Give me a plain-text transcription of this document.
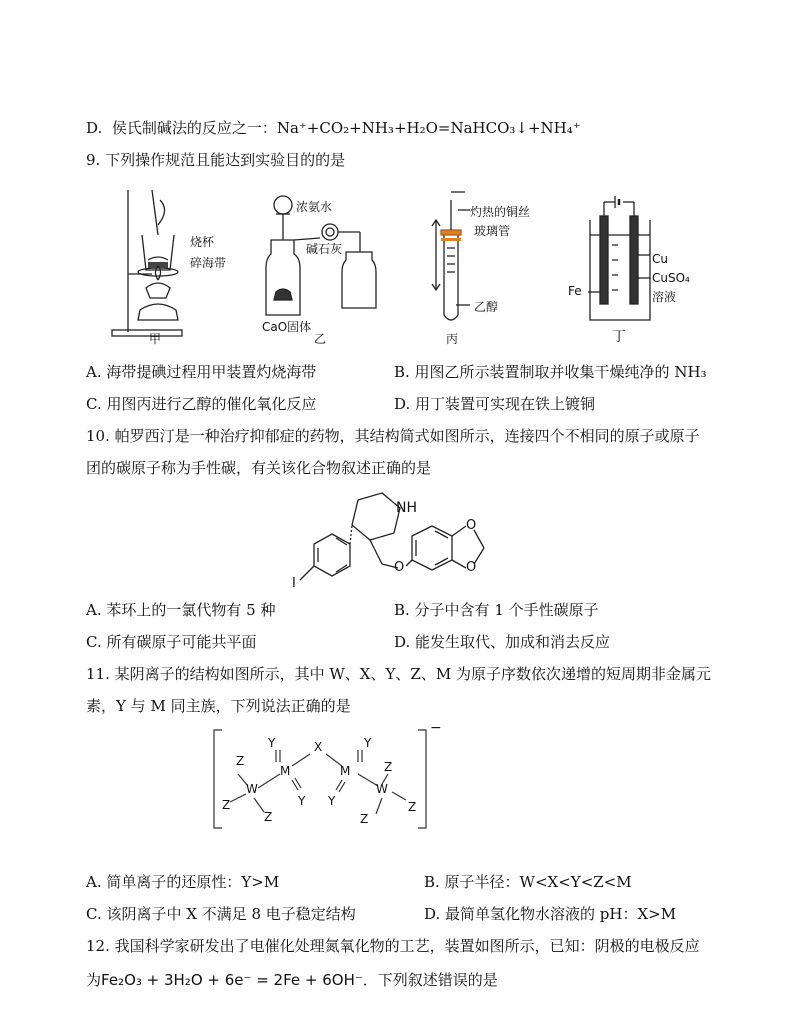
D. 侯氏制碱法的反应之一：Na⁺+CO₂+NH₃+H₂O=NaHCO₃↓+NH₄⁺
9. 下列操作规范且能达到实验目的的是
烧杯
碎海带
甲
浓氨水
碱石灰
CaO固体
乙
灼热的铜丝
玻璃管
乙醇
丙
Cu
CuSO₄
溶液
Fe
丁
A. 海带提碘过程用甲装置灼烧海带	B. 用图乙所示装置制取并收集干燥纯净的 NH₃
C. 用图丙进行乙醇的催化氧化反应	D. 用丁装置可实现在铁上镀铜
10. 帕罗西汀是一种治疗抑郁症的药物，其结构简式如图所示，连接四个不相同的原子或原子
团的碳原子称为手性碳，有关该化合物叙述正确的是
NH
O
O
O
I
A. 苯环上的一氯代物有 5 种	B. 分子中含有 1 个手性碳原子
C. 所有碳原子可能共平面	D. 能发生取代、加成和消去反应
11. 某阴离子的结构如图所示，其中 W、X、Y、Z、M 为原子序数依次递增的短周期非金属元
素，Y 与 M 同主族，下列说法正确的是
Z
Z
Z
W
Y
M
Y
X	Y
M
Y
W
Z
Z
Z
−
A. 简单离子的还原性：Y>M	B. 原子半径：W<X<Y<Z<M
C. 该阴离子中 X 不满足 8 电子稳定结构	D. 最简单氢化物水溶液的 pH：X>M
12. 我国科学家研发出了电催化处理氮氧化物的工艺，装置如图所示，已知：阴极的电极反应
为Fe₂O₃ + 3H₂O + 6e⁻ = 2Fe + 6OH⁻．下列叙述错误的是
